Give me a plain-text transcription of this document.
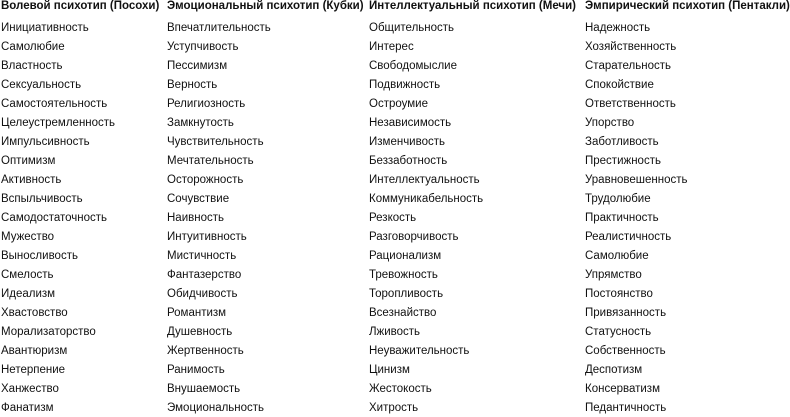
Волевой психотип (Посохи)	Эмоциональный психотип (Кубки)	Интеллектуальный психотип (Мечи)	Эмпирический психотип (Пентакли)
Инициативность	Впечатлительность	Общительность	Надежность
Самолюбие	Уступчивость	Интерес	Хозяйственность
Властность	Пессимизм	Свободомыслие	Старательность
Сексуальность	Верность	Подвижность	Спокойствие
Самостоятельность	Религиозность	Остроумие	Ответственность
Целеустремленность	Замкнутость	Независимость	Упорство
Импульсивность	Чувствительность	Изменчивость	Заботливость
Оптимизм	Мечтательность	Беззаботность	Престижность
Активность	Осторожность	Интеллектуальность	Уравновешенность
Вспыльчивость	Сочувствие	Коммуникабельность	Трудолюбие
Самодостаточность	Наивность	Резкость	Практичность
Мужество	Интуитивность	Разговорчивость	Реалистичность
Выносливость	Мистичность	Рационализм	Самолюбие
Смелость	Фантазерство	Тревожность	Упрямство
Идеализм	Обидчивость	Торопливость	Постоянство
Хвастовство	Романтизм	Всезнайство	Привязанность
Морализаторство	Душевность	Лживость	Статусность
Авантюризм	Жертвенность	Неуважительность	Собственность
Нетерпение	Ранимость	Цинизм	Деспотизм
Ханжество	Внушаемость	Жестокость	Консерватизм
Фанатизм	Эмоциональность	Хитрость	Педантичность
